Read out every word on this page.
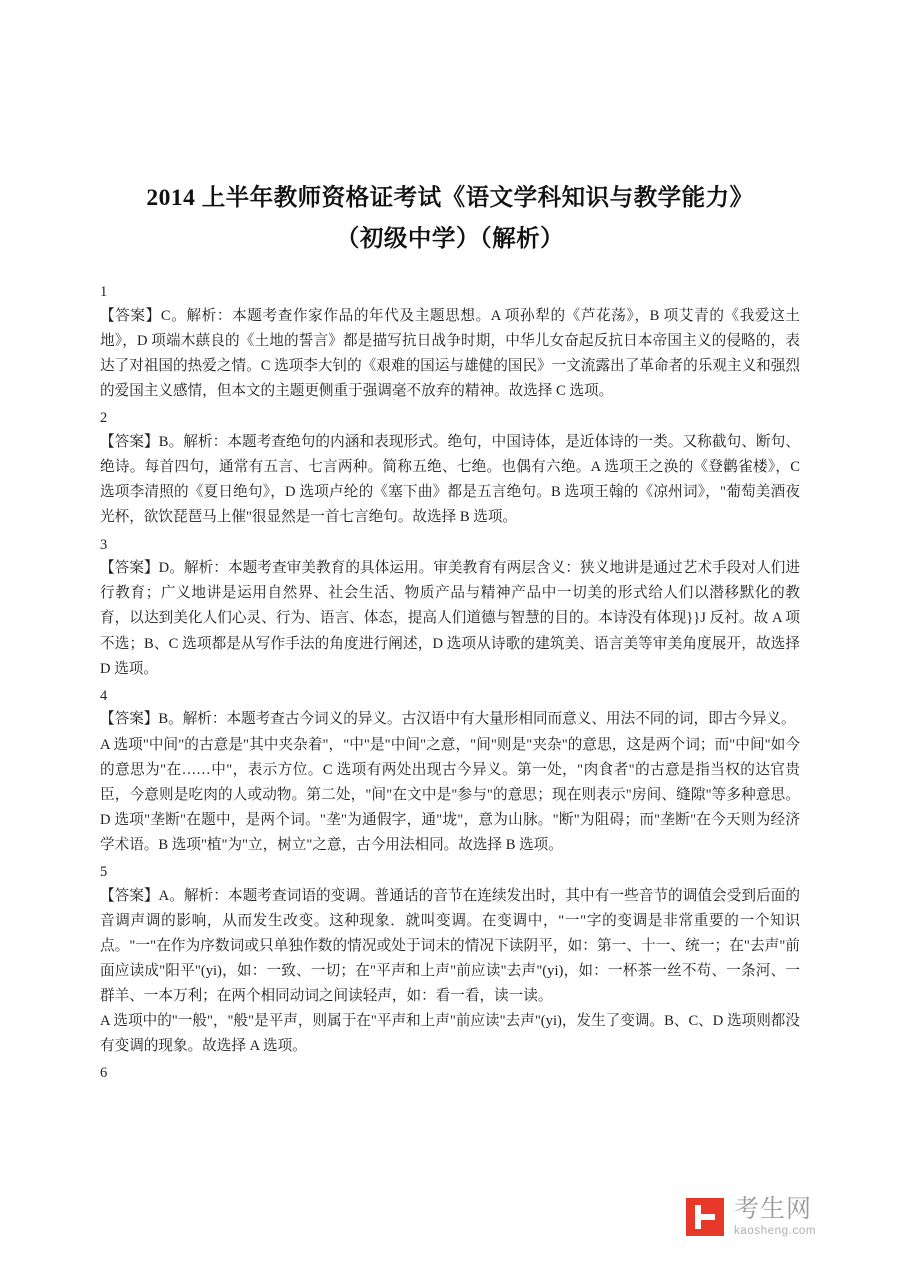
2014 上半年教师资格证考试《语文学科知识与教学能力》
（初级中学）（解析）
1

【答案】C。解析：本题考查作家作品的年代及主题思想。A 项孙犁的《芦花荡》，B 项艾青的《我爱这土地》，D 项端木蕻良的《土地的誓言》都是描写抗日战争时期，中华儿女奋起反抗日本帝国主义的侵略的，表达了对祖国的热爱之情。C 选项李大钊的《艰难的国运与雄健的国民》一文流露出了革命者的乐观主义和强烈的爱国主义感情，但本文的主题更侧重于强调毫不放弃的精神。故选择 C 选项。

2

【答案】B。解析：本题考查绝句的内涵和表现形式。绝句，中国诗体，是近体诗的一类。又称截句、断句、绝诗。每首四句，通常有五言、七言两种。简称五绝、七绝。也偶有六绝。A 选项王之涣的《登鹳雀楼》，C 选项李清照的《夏日绝句》，D 选项卢纶的《塞下曲》都是五言绝句。B 选项王翰的《凉州词》，"葡萄美酒夜光杯，欲饮琵琶马上催"很显然是一首七言绝句。故选择 B 选项。

3

【答案】D。解析：本题考查审美教育的具体运用。审美教育有两层含义：狭义地讲是通过艺术手段对人们进行教育；广义地讲是运用自然界、社会生活、物质产品与精神产品中一切美的形式给人们以潜移默化的教育，以达到美化人们心灵、行为、语言、体态，提高人们道德与智慧的目的。本诗没有体现}}J 反衬。故 A 项不选；B、C 选项都是从写作手法的角度进行阐述，D 选项从诗歌的建筑美、语言美等审美角度展开，故选择 D 选项。

4

【答案】B。解析：本题考查古今词义的异义。古汉语中有大量形相同而意义、用法不同的词，即古今异义。

A 选项"中间"的古意是"其中夹杂着"，"中"是"中间"之意，"间"则是"夹杂"的意思，这是两个词；而"中间"如今的意思为"在……中"，表示方位。C 选项有两处出现古今异义。第一处，"肉食者"的古意是指当权的达官贵臣，今意则是吃肉的人或动物。第二处，"间"在文中是"参与"的意思；现在则表示"房间、缝隙"等多种意思。D 选项"垄断"在题中，是两个词。"垄"为通假字，通"垅"，意为山脉。"断"为阻碍；而"垄断"在今天则为经济学术语。B 选项"植"为"立，树立"之意，古今用法相同。故选择 B 选项。

5

【答案】A。解析：本题考查词语的变调。普通话的音节在连续发出时，其中有一些音节的调值会受到后面的音调声调的影响，从而发生改变。这种现象．就叫变调。在变调中，"一"字的变调是非常重要的一个知识点。"一"在作为序数词或只单独作数的情况或处于词末的情况下读阴平，如：第一、十一、统一；在"去声"前面应读成"阳平"(yi)，如：一致、一切；在"平声和上声"前应读"去声"(yi)，如：一杯茶一丝不苟、一条河、一群羊、一本万利；在两个相同动词之间读轻声，如：看一看，读一读。

A 选项中的"一般"，"般"是平声，则属于在"平声和上声"前应读"去声"(yi)，发生了变调。B、C、D 选项则都没有变调的现象。故选择 A 选项。

6
考生网
kaosheng.com
